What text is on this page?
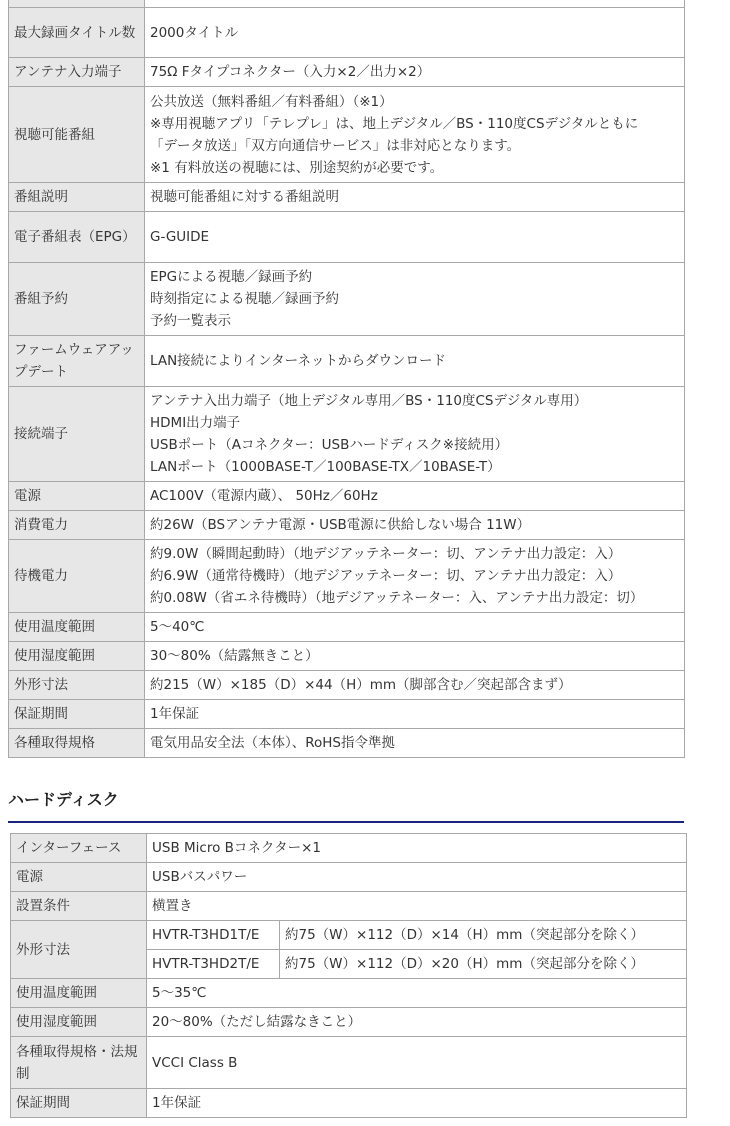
最大録画タイトル数	2000タイトル

アンテナ入力端子	75Ω Fタイプコネクター（入力×2／出力×2）

視聴可能番組	公共放送（無料番組／有料番組）（※1）
※専用視聴アプリ「テレプレ」は、地上デジタル／BS・110度CSデジタルともに
「データ放送」「双方向通信サービス」は非対応となります。
※1 有料放送の視聴には、別途契約が必要です。

番組説明	視聴可能番組に対する番組説明

電子番組表（EPG）	G-GUIDE

番組予約	EPGによる視聴／録画予約
時刻指定による視聴／録画予約
予約一覧表示

ファームウェアアップデート	LAN接続によりインターネットからダウンロード

接続端子	アンテナ入出力端子（地上デジタル専用／BS・110度CSデジタル専用）
HDMI出力端子
USBポート（Aコネクター：USBハードディスク※接続用）
LANポート（1000BASE-T／100BASE-TX／10BASE-T）

電源	AC100V（電源内蔵）、 50Hz／60Hz

消費電力	約26W（BSアンテナ電源・USB電源に供給しない場合 11W）

待機電力	約9.0W（瞬間起動時）（地デジアッテネーター：切、アンテナ出力設定：入）
約6.9W（通常待機時）（地デジアッテネーター：切、アンテナ出力設定：入）
約0.08W（省エネ待機時）（地デジアッテネーター：入、アンテナ出力設定：切）

使用温度範囲	5～40℃

使用湿度範囲	30～80%（結露無きこと）

外形寸法	約215（W）×185（D）×44（H）mm（脚部含む／突起部含まず）

保証期間	1年保証

各種取得規格	電気用品安全法（本体）、RoHS指令準拠
ハードディスク
インターフェース	USB Micro Bコネクター×1	
電源	USBバスパワー	
設置条件	横置き	
外形寸法	HVTR-T3HD1T/E	約75（W）×112（D）×14（H）mm（突起部分を除く）
	HVTR-T3HD2T/E	約75（W）×112（D）×20（H）mm（突起部分を除く）
使用温度範囲	5～35℃	
使用湿度範囲	20～80%（ただし結露なきこと）	
各種取得規格・法規制	VCCI Class B	
保証期間	1年保証	
